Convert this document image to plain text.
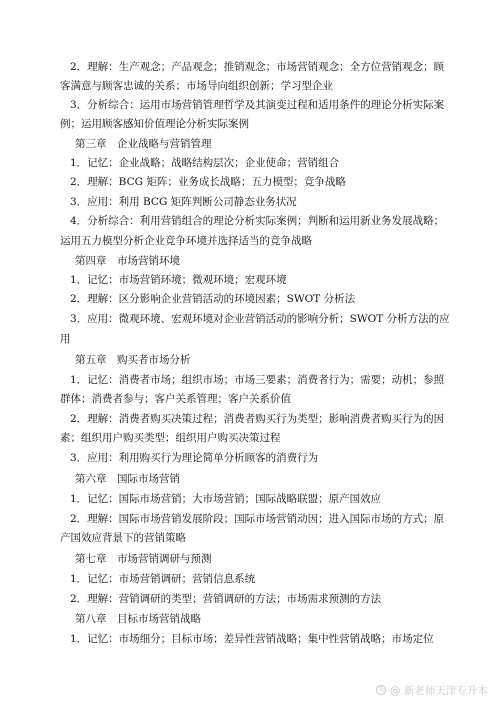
2．理解：生产观念；产品观念；推销观念；市场营销观念；全方位营销观念；顾
客满意与顾客忠诚的关系；市场导向组织创新；学习型企业
3．分析综合：运用市场营销管理哲学及其演变过程和适用条件的理论分析实际案
例；运用顾客感知价值理论分析实际案例
第三章　企业战略与营销管理
1．记忆：企业战略；战略结构层次；企业使命；营销组合
2．理解：BCG 矩阵；业务成长战略；五力模型；竞争战略
3．应用：利用 BCG 矩阵判断公司静态业务状况
4．分析综合：利用营销组合的理论分析实际案例；判断和运用新业务发展战略；
运用五力模型分析企业竞争环境并选择适当的竞争战略
第四章　市场营销环境
1．记忆：市场营销环境；微观环境；宏观环境
2．理解：区分影响企业营销活动的环境因素；SWOT 分析法
3．应用：微观环境、宏观环境对企业营销活动的影响分析；SWOT 分析方法的应
用
第五章　购买者市场分析
1．记忆：消费者市场；组织市场；市场三要素；消费者行为；需要；动机；参照
群体；消费者参与；客户关系管理；客户关系价值
2．理解：消费者购买决策过程；消费者购买行为类型；影响消费者购买行为的因
素；组织用户购买类型；组织用户购买决策过程
3．应用：利用购买行为理论简单分析顾客的消费行为
第六章　国际市场营销
1．记忆：国际市场营销；大市场营销；国际战略联盟；原产国效应
2．理解：国际市场营销发展阶段；国际市场营销动因；进入国际市场的方式；原
产国效应背景下的营销策略
第七章　市场营销调研与预测
1．记忆：市场营销调研；营销信息系统
2．理解：营销调研的类型；营销调研的方法；市场需求预测的方法
第八章　目标市场营销战略
1．记忆：市场细分；目标市场；差异性营销战略；集中性营销战略；市场定位
头 @ 新老师天津专升本
